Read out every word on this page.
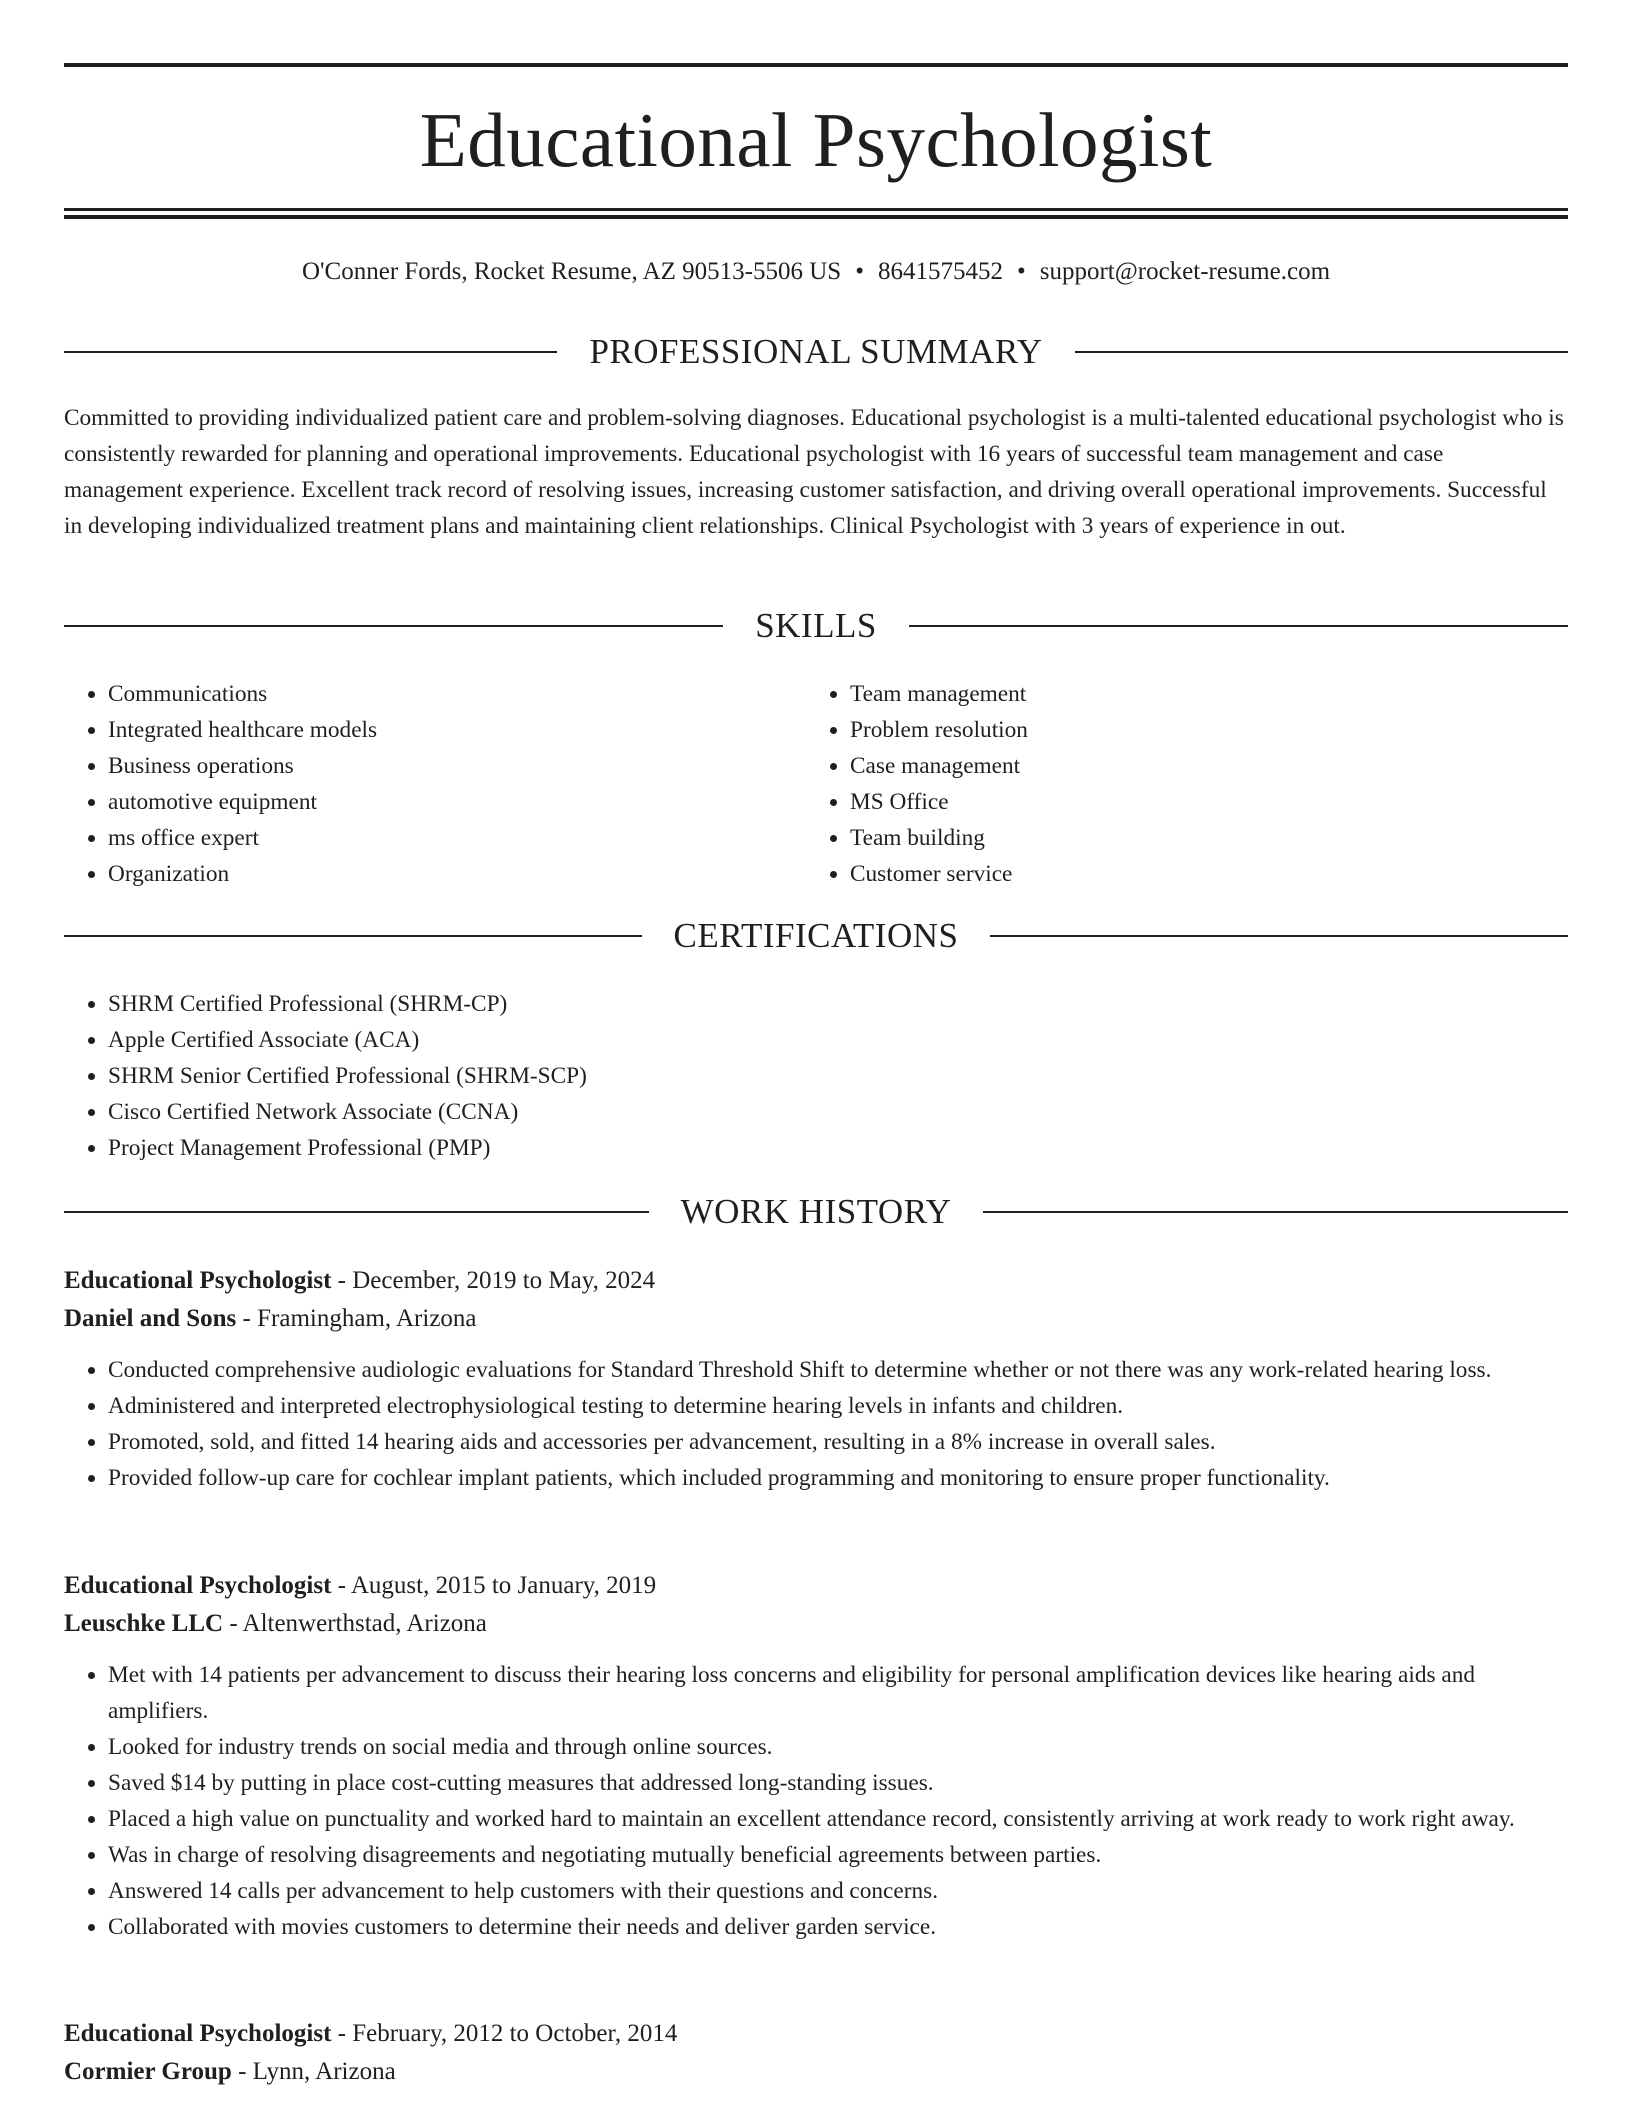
Educational Psychologist
O'Conner Fords, Rocket Resume, AZ 90513-5506 US • 8641575452 • support@rocket-resume.com
PROFESSIONAL SUMMARY

Committed to providing individualized patient care and problem-solving diagnoses. Educational psychologist is a multi-talented educational psychologist who is consistently rewarded for planning and operational improvements. Educational psychologist with 16 years of successful team management and case management experience. Excellent track record of resolving issues, increasing customer satisfaction, and driving overall operational improvements. Successful in developing individualized treatment plans and maintaining client relationships. Clinical Psychologist with 3 years of experience in out.

SKILLS
• Communications
• Integrated healthcare models
• Business operations
• automotive equipment
• ms office expert
• Organization
• Team management
• Problem resolution
• Case management
• MS Office
• Team building
• Customer service
CERTIFICATIONS
• SHRM Certified Professional (SHRM-CP)
• Apple Certified Associate (ACA)
• SHRM Senior Certified Professional (SHRM-SCP)
• Cisco Certified Network Associate (CCNA)
• Project Management Professional (PMP)
WORK HISTORY
Educational Psychologist - December, 2019 to May, 2024
Daniel and Sons - Framingham, Arizona
• Conducted comprehensive audiologic evaluations for Standard Threshold Shift to determine whether or not there was any work-related hearing loss.
• Administered and interpreted electrophysiological testing to determine hearing levels in infants and children.
• Promoted, sold, and fitted 14 hearing aids and accessories per advancement, resulting in a 8% increase in overall sales.
• Provided follow-up care for cochlear implant patients, which included programming and monitoring to ensure proper functionality.
Educational Psychologist - August, 2015 to January, 2019
Leuschke LLC - Altenwerthstad, Arizona
• Met with 14 patients per advancement to discuss their hearing loss concerns and eligibility for personal amplification devices like hearing aids and amplifiers.
• Looked for industry trends on social media and through online sources.
• Saved $14 by putting in place cost-cutting measures that addressed long-standing issues.
• Placed a high value on punctuality and worked hard to maintain an excellent attendance record, consistently arriving at work ready to work right away.
• Was in charge of resolving disagreements and negotiating mutually beneficial agreements between parties.
• Answered 14 calls per advancement to help customers with their questions and concerns.
• Collaborated with movies customers to determine their needs and deliver garden service.
Educational Psychologist - February, 2012 to October, 2014
Cormier Group - Lynn, Arizona
